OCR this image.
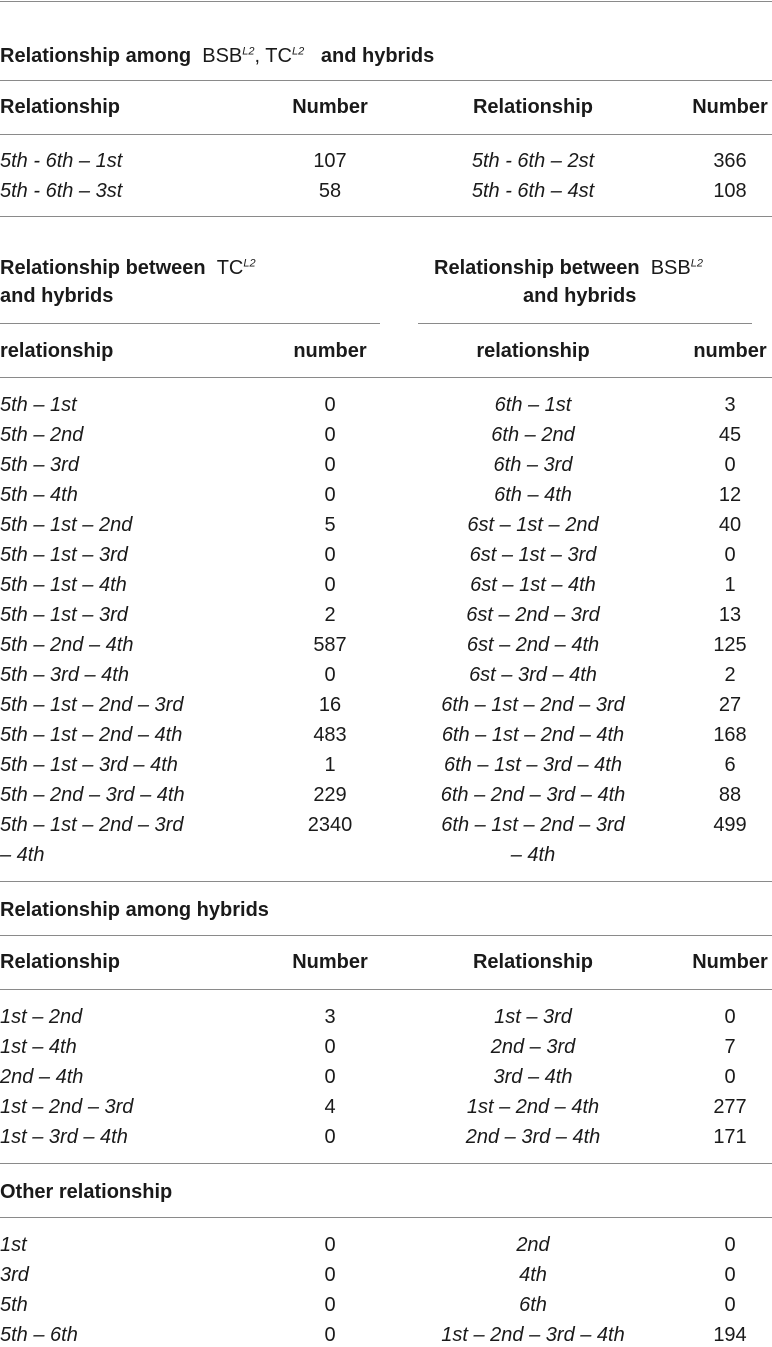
Relationship among $BSB^{L2}$, $TC^{L2}$ and hybrids
Relationship	Number	Relationship	Number
5th - 6th – 1st	107	5th - 6th – 2st	366
5th - 6th – 3st	58	5th - 6th – 4st	108
Relationship between $TC^{L2}$
and hybrids
Relationship between $BSB^{L2}$
and hybrids
relationship	number	relationship	number
5th – 1st	0	6th – 1st	3
5th – 2nd	0	6th – 2nd	45
5th – 3rd	0	6th – 3rd	0
5th – 4th	0	6th – 4th	12
5th – 1st – 2nd	5	6st – 1st – 2nd	40
5th – 1st – 3rd	0	6st – 1st – 3rd	0
5th – 1st – 4th	0	6st – 1st – 4th	1
5th – 1st – 3rd	2	6st – 2nd – 3rd	13
5th – 2nd – 4th	587	6st – 2nd – 4th	125
5th – 3rd – 4th	0	6st – 3rd – 4th	2
5th – 1st – 2nd – 3rd	16	6th – 1st – 2nd – 3rd	27
5th – 1st – 2nd – 4th	483	6th – 1st – 2nd – 4th	168
5th – 1st – 3rd – 4th	1	6th – 1st – 3rd – 4th	6
5th – 2nd – 3rd – 4th	229	6th – 2nd – 3rd – 4th	88
5th – 1st – 2nd – 3rd	2340	6th – 1st – 2nd – 3rd	499
– 4th	– 4th
Relationship among hybrids
Relationship	Number	Relationship	Number
1st – 2nd	3	1st – 3rd	0
1st – 4th	0	2nd – 3rd	7
2nd – 4th	0	3rd – 4th	0
1st – 2nd – 3rd	4	1st – 2nd – 4th	277
1st – 3rd – 4th	0	2nd – 3rd – 4th	171
Other relationship
1st	0	2nd	0
3rd	0	4th	0
5th	0	6th	0
5th – 6th	0	1st – 2nd – 3rd – 4th	194
